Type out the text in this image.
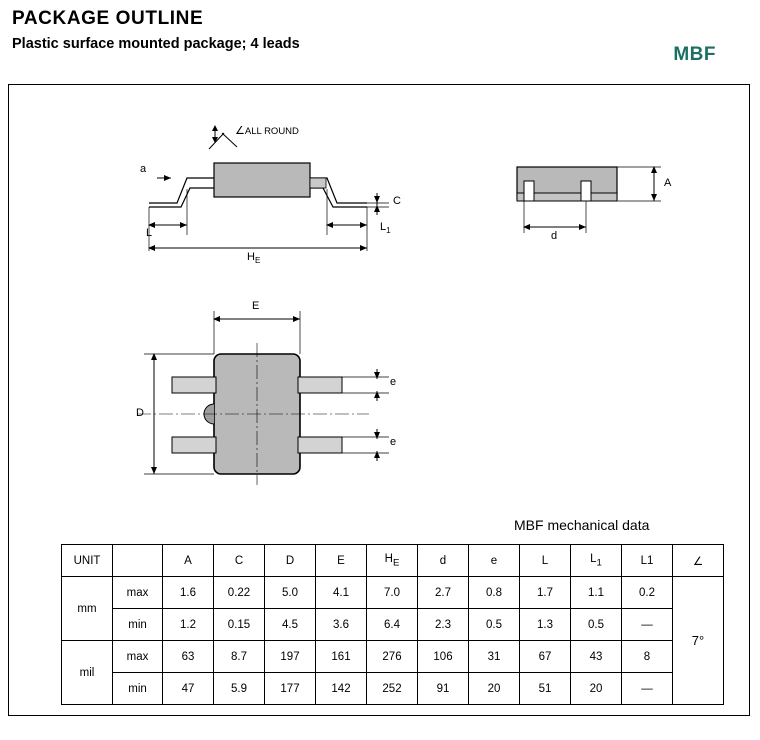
PACKAGE OUTLINE
Plastic surface mounted package; 4 leads	MBF
∠ALL ROUND
a
C
L	$L_1$
$H_E$
A
d
E
D
e
e
MBF mechanical data
UNIT		A	C	D	E	$H_E$	d	e	L	$L_1$	L1	∠
mm	max	1.6	0.22	5.0	4.1	7.0	2.7	0.8	1.7	1.1	0.2	7°
	min	1.2	0.15	4.5	3.6	6.4	2.3	0.5	1.3	0.5	—	
mil	max	63	8.7	197	161	276	106	31	67	43	8	
	min	47	5.9	177	142	252	91	20	51	20	—	
